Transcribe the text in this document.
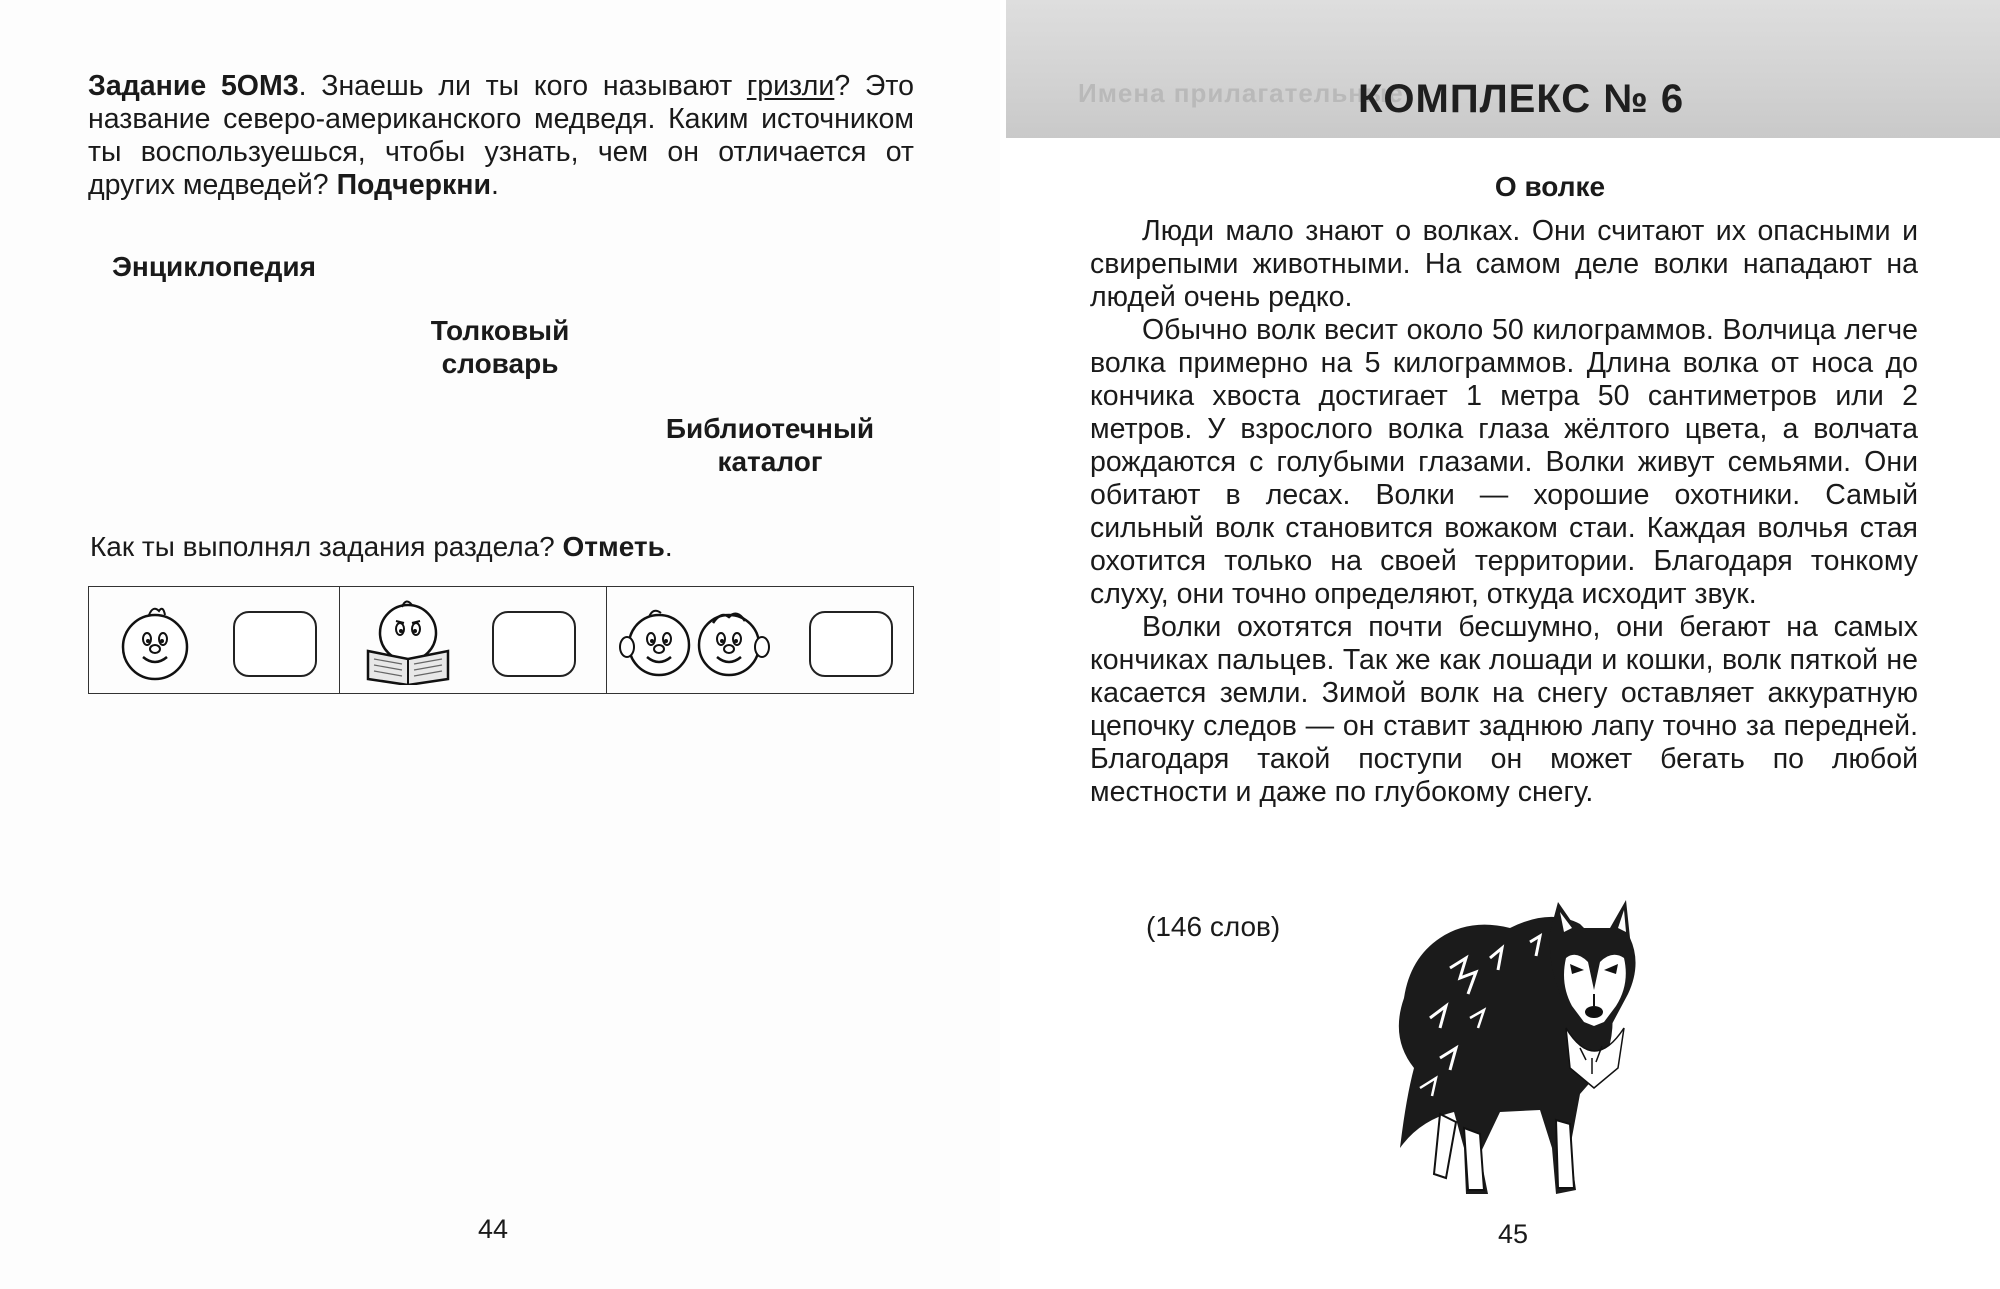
Задание 5ОМ3. Знаешь ли ты кого называют гризли? Это название северо-американского медведя. Каким источником ты воспользуешься, чтобы узнать, чем он отличается от других медведей? Подчеркни.
Энциклопедия
Толковый
словарь
Библиотечный
каталог
Как ты выполнял задания раздела? Отметь.
44
Имена прилагательные
КОМПЛЕКС № 6
О волке

Люди мало знают о волках. Они считают их опасными и свирепыми животными. На самом деле волки нападают на людей очень редко.

Обычно волк весит около 50 килограммов. Волчица легче волка примерно на 5 килограммов. Длина волка от носа до кончика хвоста достигает 1 метра 50 сантиметров или 2 метров. У взрослого волка глаза жёлтого цвета, а волчата рождаются с голубыми глазами. Волки живут семьями. Они обитают в лесах. Волки — хорошие охотники. Самый сильный волк становится вожаком стаи. Каждая волчья стая охотится только на своей территории. Благодаря тонкому слуху, они точно определяют, откуда исходит звук.

Волки охотятся почти бесшумно, они бегают на самых кончиках пальцев. Так же как лошади и кошки, волк пяткой не касается земли. Зимой волк на снегу оставляет аккуратную цепочку следов — он ставит заднюю лапу точно за передней. Благодаря такой поступи он может бегать по любой местности и даже по глубокому снегу.

(146 слов)
45
